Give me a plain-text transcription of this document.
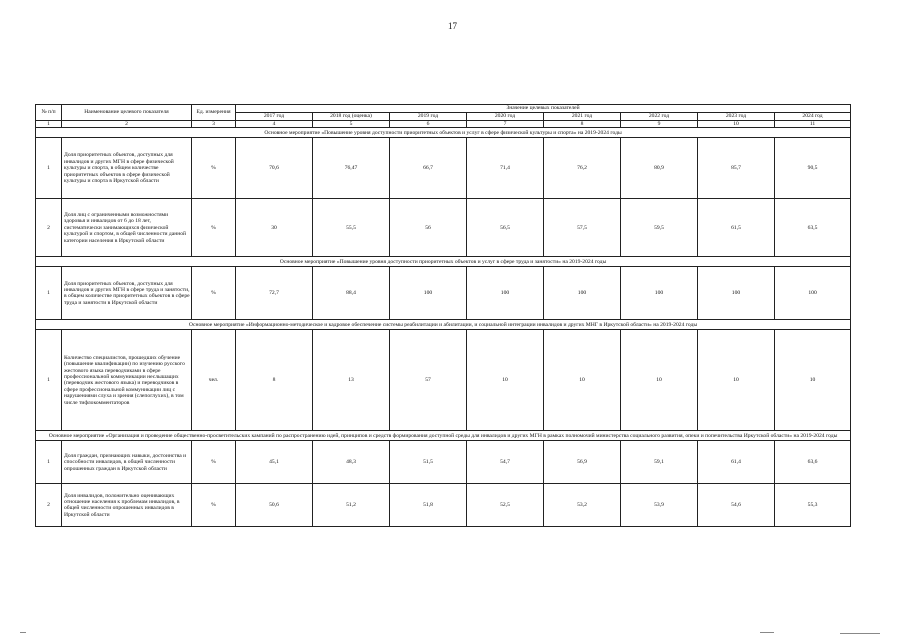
17
№ п/п	Наименование целевого показателя	Ед. измерения	Значение целевых показателей							
			2017 год	2018 год (оценка)	2019 год	2020 год	2021 год	2022 год	2023 год	2024 год
1	2	3	4	5	6	7	8	9	10	11
Основное мероприятие «Повышение уровня доступности приоритетных объектов и услуг в сфере физической культуры и спорта» на 2019-2024 годы										
1	Доля приоритетных объектов, доступных для инвалидов и других МГН в сфере физической культуры и спорта, в общем количестве приоритетных объектов в сфере физической культуры и спорта в Иркутской области	%	70,6	76,47	66,7	71,4	76,2	80,9	85,7	90,5
2	Доля лиц с ограниченными возможностями здоровья и инвалидов от 6 до 18 лет, систематически занимающихся физической культурой и спортом, в общей численности данной категории населения в Иркутской области	%	30	55,5	56	56,5	57,5	59,5	61,5	63,5
Основное мероприятие «Повышение уровня доступности приоритетных объектов и услуг в сфере труда и занятости» на 2019-2024 годы										
1	Доля приоритетных объектов, доступных для инвалидов и других МГН в сфере труда и занятости, в общем количестве приоритетных объектов в сфере труда и занятости в Иркутской области	%	72,7	88,4	100	100	100	100	100	100
Основное мероприятие «Информационно-методическое и кадровое обеспечение системы реабилитации и абилитации, и социальной интеграции инвалидов и других МНГ в Иркутской области» на 2019-2024 годы										
1	Количество специалистов, прошедших обучение (повышение квалификации) по изучению русского жестового языка переводчиками в сфере профессиональной коммуникации неслышащих (переводчик жестового языка) и переводчиков в сфере профессиональной коммуникации лиц с нарушениями слуха и зрения (слепоглухих), в том числе тифлокомментаторов	чел.	8	13	57	10	10	10	10	10
Основное мероприятие «Организация и проведение общественно-просветительских кампаний по распространению идей, принципов и средств формирования доступной среды для инвалидов и других МГН в рамках полномочий министерства социального развития, опеки и попечительства Иркутской области» на 2019-2024 годы										
1	Доля граждан, признающих навыки, достоинства и способности инвалидов, в общей численности опрошенных граждан в Иркутской области	%	45,1	48,3	51,5	54,7	56,9	59,1	61,4	63,6
2	Доля инвалидов, положительно оценивающих отношение населения к проблемам инвалидов, в общей численности опрошенных инвалидов в Иркутской области	%	50,6	51,2	51,8	52,5	53,2	53,9	54,6	55,3
